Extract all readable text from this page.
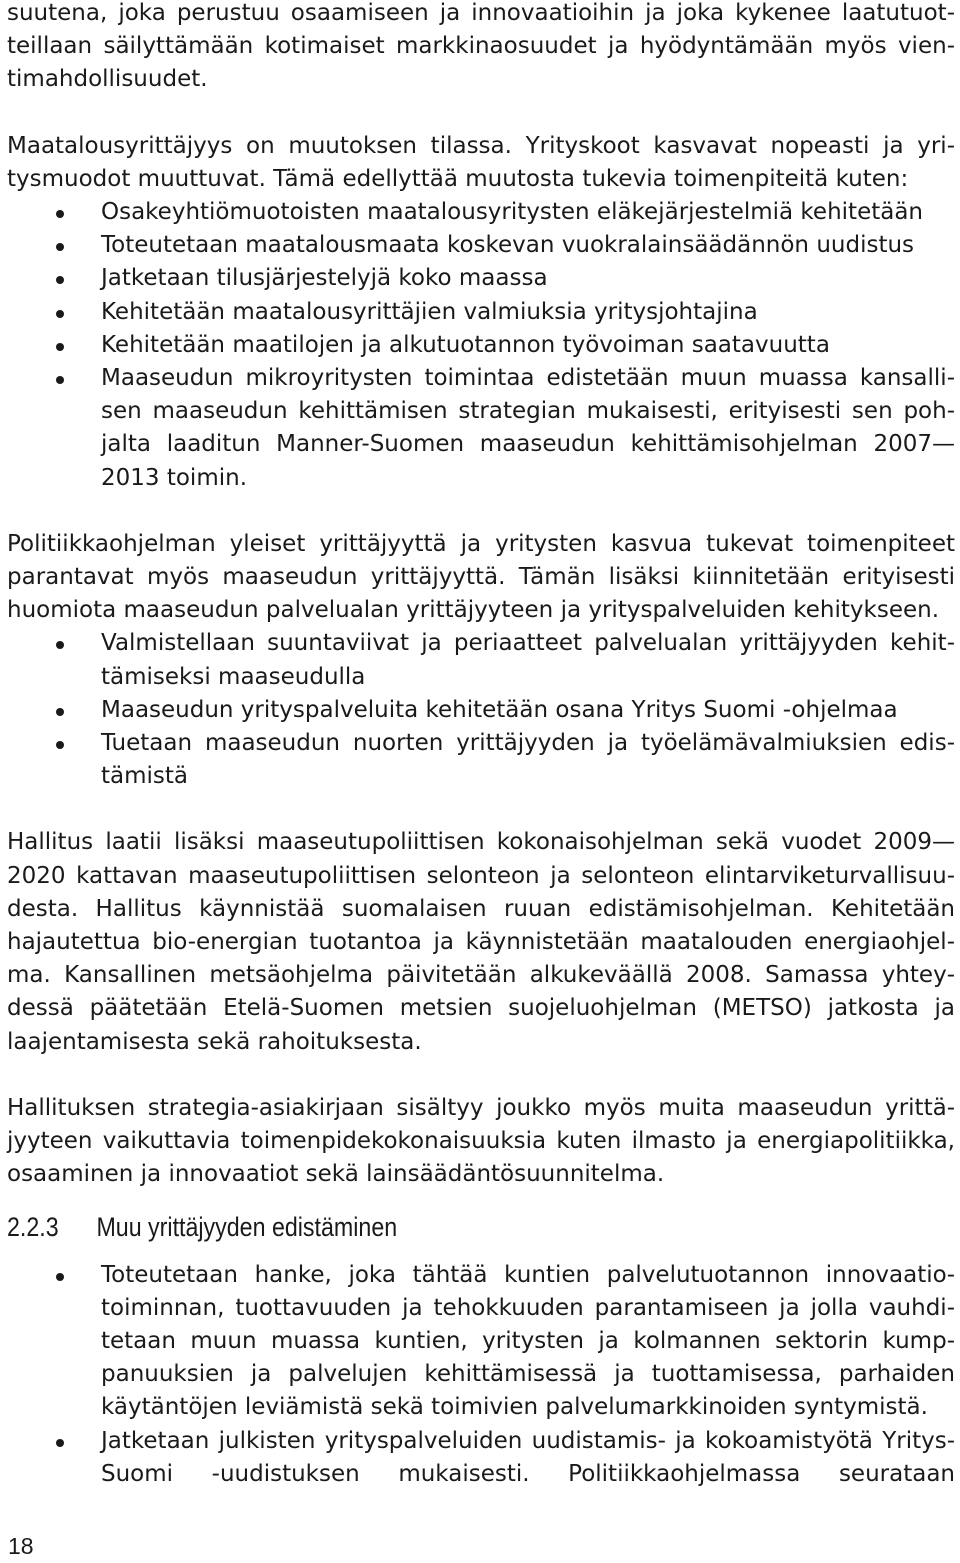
suutena, joka perustuu osaamiseen ja innovaatioihin ja joka kykenee laatutuotteillaan säilyttämään kotimaiset markkinaosuudet ja hyödyntämään myös vientimahdollisuudet.

Maatalousyrittäjyys on muutoksen tilassa. Yrityskoot kasvavat nopeasti ja yritysmuodot muuttuvat. Tämä edellyttää muutosta tukevia toimenpiteitä kuten:

Osakeyhtiömuotoisten maatalousyritysten eläkejärjestelmiä kehitetään
Toteutetaan maatalousmaata koskevan vuokralainsäädännön uudistus
Jatketaan tilusjärjestelyjä koko maassa
Kehitetään maatalousyrittäjien valmiuksia yritysjohtajina
Kehitetään maatilojen ja alkutuotannon työvoiman saatavuutta
Maaseudun mikroyritysten toimintaa edistetään muun muassa kansallisen maaseudun kehittämisen strategian mukaisesti, erityisesti sen pohjalta laaditun Manner-Suomen maaseudun kehittämisohjelman 2007—2013 toimin.

Politiikkaohjelman yleiset yrittäjyyttä ja yritysten kasvua tukevat toimenpiteet parantavat myös maaseudun yrittäjyyttä. Tämän lisäksi kiinnitetään erityisesti huomiota maaseudun palvelualan yrittäjyyteen ja yrityspalveluiden kehitykseen.

Valmistellaan suuntaviivat ja periaatteet palvelualan yrittäjyyden kehittämiseksi maaseudulla
Maaseudun yrityspalveluita kehitetään osana Yritys Suomi -ohjelmaa
Tuetaan maaseudun nuorten yrittäjyyden ja työelämävalmiuksien edistämistä

Hallitus laatii lisäksi maaseutupoliittisen kokonaisohjelman sekä vuodet 2009—2020 kattavan maaseutupoliittisen selonteon ja selonteon elintarviketurvallisuudesta. Hallitus käynnistää suomalaisen ruuan edistämisohjelman. Kehitetään hajautettua bio-energian tuotantoa ja käynnistetään maatalouden energiaohjelma. Kansallinen metsäohjelma päivitetään alkukeväällä 2008. Samassa yhteydessä päätetään Etelä-Suomen metsien suojeluohjelman (METSO) jatkosta ja laajentamisesta sekä rahoituksesta.

Hallituksen strategia-asiakirjaan sisältyy joukko myös muita maaseudun yrittäjyyteen vaikuttavia toimenpidekokonaisuuksia kuten ilmasto ja energiapolitiikka, osaaminen ja innovaatiot sekä lainsäädäntösuunnitelma.

2.2.3	Muu yrittäjyyden edistäminen
Toteutetaan hanke, joka tähtää kuntien palvelutuotannon innovaatiotoiminnan, tuottavuuden ja tehokkuuden parantamiseen ja jolla vauhditetaan muun muassa kuntien, yritysten ja kolmannen sektorin kumppanuuksien ja palvelujen kehittämisessä ja tuottamisessa, parhaiden käytäntöjen leviämistä sekä toimivien palvelumarkkinoiden syntymistä.
Jatketaan julkisten yrityspalveluiden uudistamis- ja kokoamistyötä Yritys-Suomi -uudistuksen mukaisesti. Politiikkaohjelmassa seurataan
18
